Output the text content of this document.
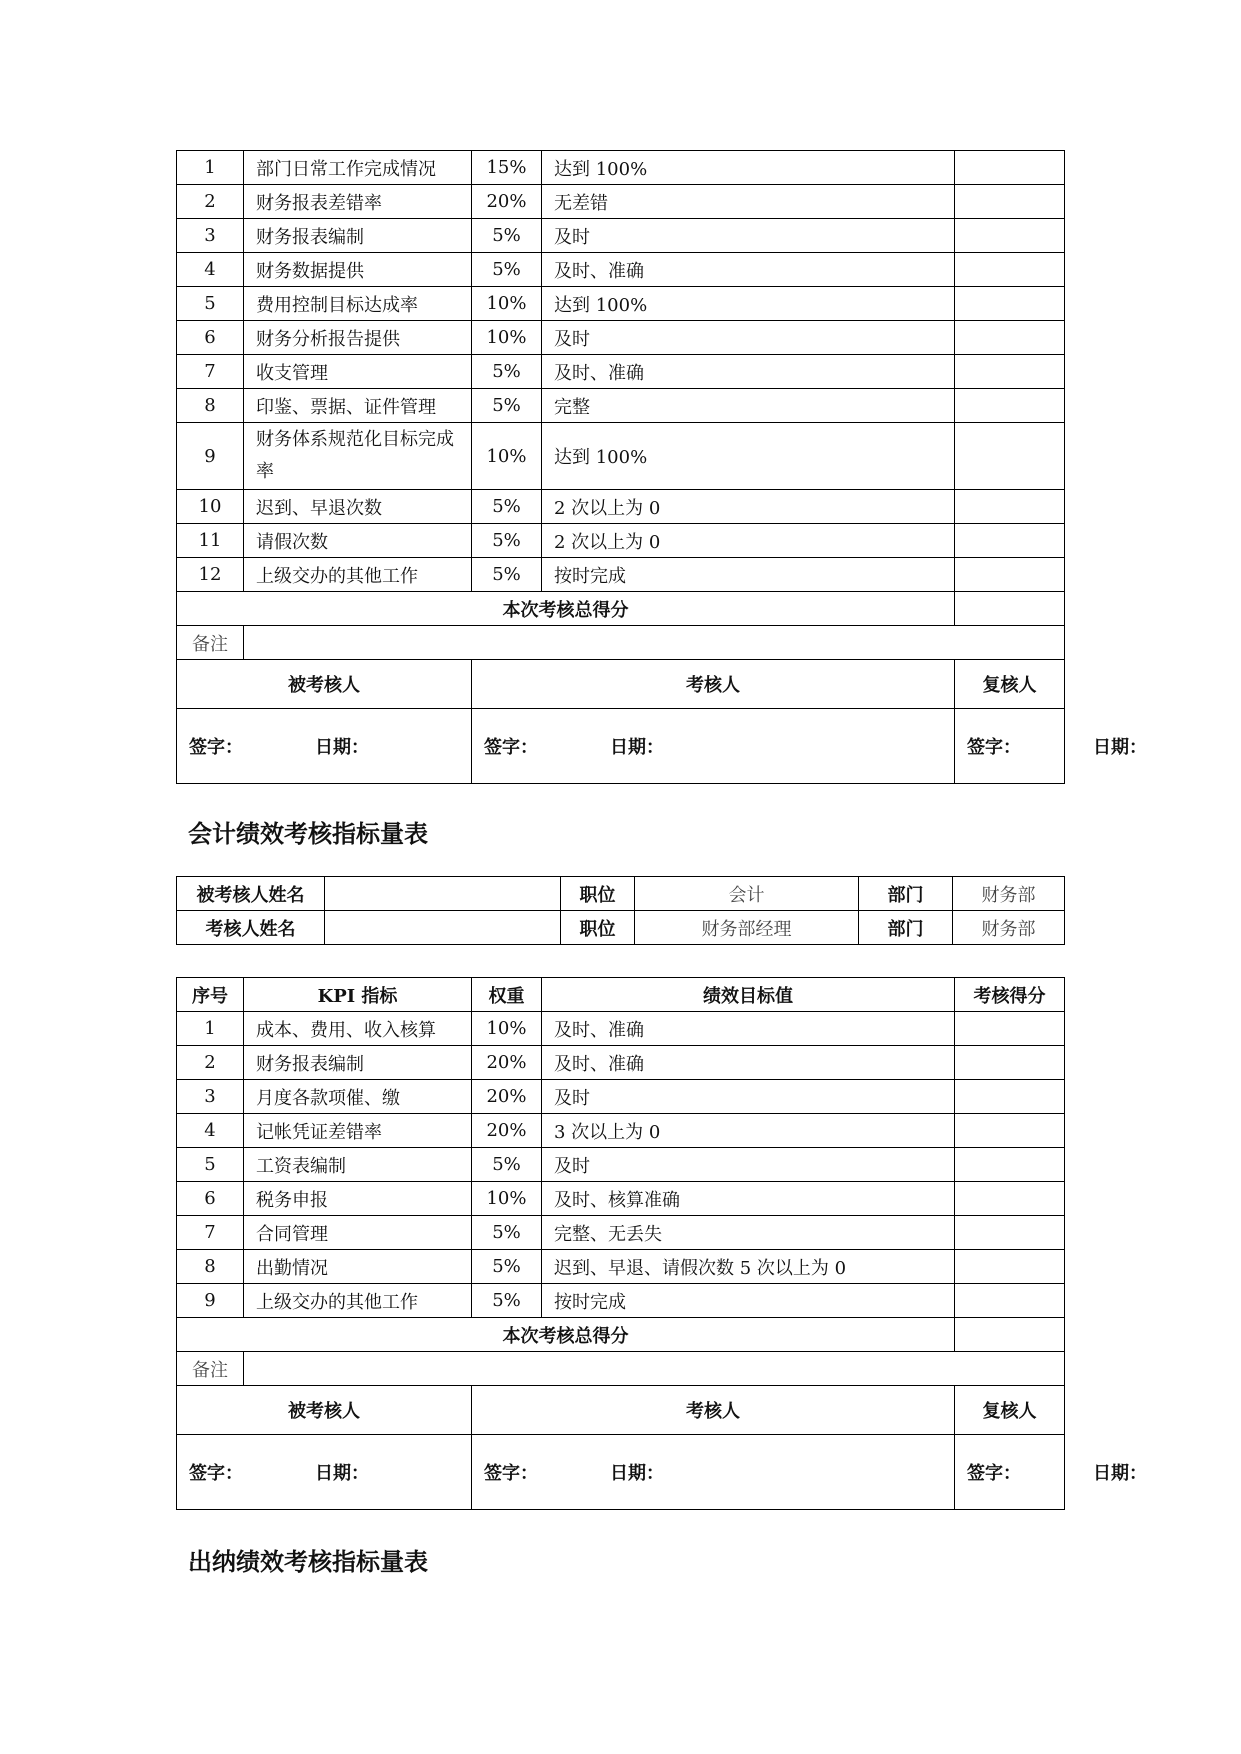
1	部门日常工作完成情况	15%	达到 100%	
2	财务报表差错率	20%	无差错	
3	财务报表编制	5%	及时	
4	财务数据提供	5%	及时、准确	
5	费用控制目标达成率	10%	达到 100%	
6	财务分析报告提供	10%	及时	
7	收支管理	5%	及时、准确	
8	印鉴、票据、证件管理	5%	完整	
9	财务体系规范化目标完成率	10%	达到 100%	
10	迟到、早退次数	5%	2 次以上为 0	
11	请假次数	5%	2 次以上为 0	
12	上级交办的其他工作	5%	按时完成	
本次考核总得分				
备注				
被考核人		考核人		复核人
签字： 日期：		签字： 日期：		签字： 日期：
会计绩效考核指标量表
被考核人姓名		职位	会计	部门	财务部
考核人姓名		职位	财务部经理	部门	财务部
序号	KPI 指标	权重	绩效目标值	考核得分
1	成本、费用、收入核算	10%	及时、准确	
2	财务报表编制	20%	及时、准确	
3	月度各款项催、缴	20%	及时	
4	记帐凭证差错率	20%	3 次以上为 0	
5	工资表编制	5%	及时	
6	税务申报	10%	及时、核算准确	
7	合同管理	5%	完整、无丢失	
8	出勤情况	5%	迟到、早退、请假次数 5 次以上为 0	
9	上级交办的其他工作	5%	按时完成	
本次考核总得分				
备注				
被考核人		考核人		复核人
签字： 日期：		签字： 日期：		签字： 日期：
出纳绩效考核指标量表
